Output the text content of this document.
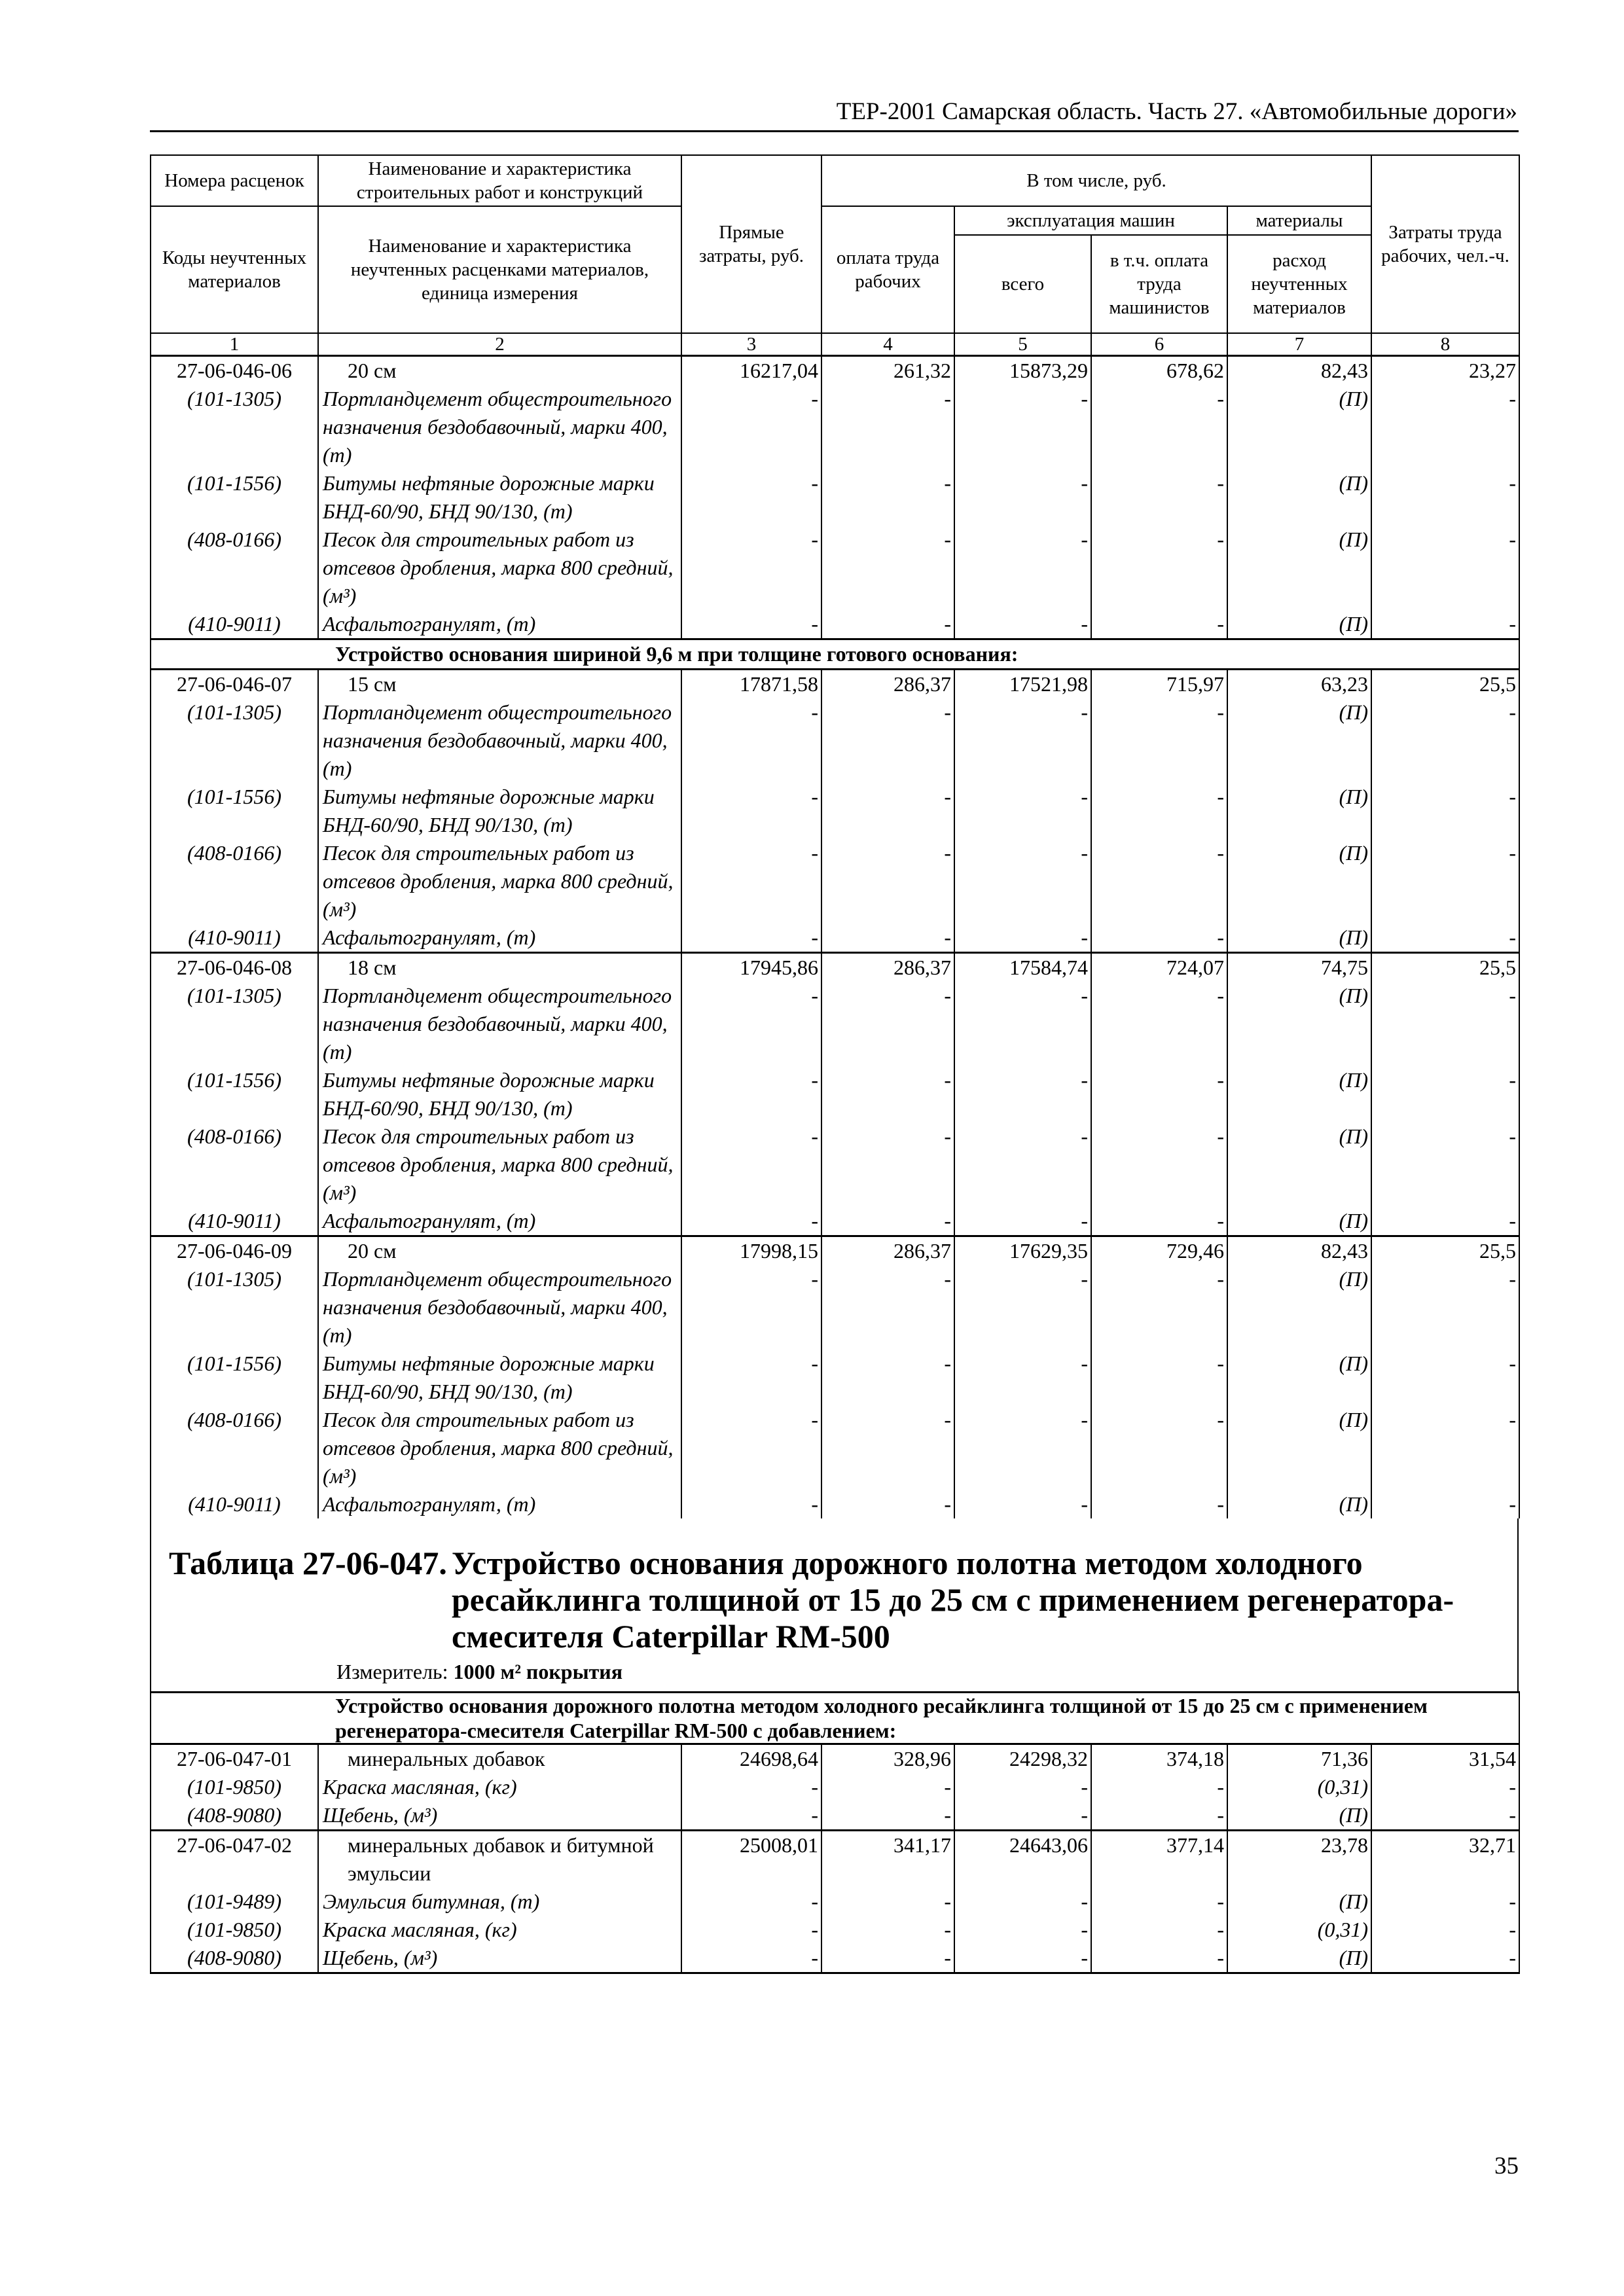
ТЕР-2001 Самарская область. Часть 27. «Автомобильные дороги»
Номера расценок	Наименование и характеристика строительных работ и конструкций	Прямые затраты, руб.	В том числе, руб.				Затраты труда рабочих, чел.-ч.
Коды неучтенных материалов	Наименование и характеристика неучтенных расценками материалов, единица измерения		оплата труда рабочих	эксплуатация машин		материалы	
				всего	в т.ч. оплата труда машинистов	расход неучтенных материалов	
1	2	3	4	5	6	7	8
27-06-046-06	20 см	16217,04	261,32	15873,29	678,62	82,43	23,27
(101-1305)	Портландцемент общестроительного назначения бездобавочный, марки 400, (т)	-	-	-	-	(П)	-
(101-1556)	Битумы нефтяные дорожные марки БНД-60/90, БНД 90/130, (т)	-	-	-	-	(П)	-
(408-0166)	Песок для строительных работ из отсевов дробления, марка 800 средний, (м³)	-	-	-	-	(П)	-
(410-9011)	Асфальтогранулят, (т)	-	-	-	-	(П)	-
	Устройство основания шириной 9,6 м при толщине готового основания:						
27-06-046-07	15 см	17871,58	286,37	17521,98	715,97	63,23	25,5
(101-1305)	Портландцемент общестроительного назначения бездобавочный, марки 400, (т)	-	-	-	-	(П)	-
(101-1556)	Битумы нефтяные дорожные марки БНД-60/90, БНД 90/130, (т)	-	-	-	-	(П)	-
(408-0166)	Песок для строительных работ из отсевов дробления, марка 800 средний, (м³)	-	-	-	-	(П)	-
(410-9011)	Асфальтогранулят, (т)	-	-	-	-	(П)	-
27-06-046-08	18 см	17945,86	286,37	17584,74	724,07	74,75	25,5
(101-1305)	Портландцемент общестроительного назначения бездобавочный, марки 400, (т)	-	-	-	-	(П)	-
(101-1556)	Битумы нефтяные дорожные марки БНД-60/90, БНД 90/130, (т)	-	-	-	-	(П)	-
(408-0166)	Песок для строительных работ из отсевов дробления, марка 800 средний, (м³)	-	-	-	-	(П)	-
(410-9011)	Асфальтогранулят, (т)	-	-	-	-	(П)	-
27-06-046-09	20 см	17998,15	286,37	17629,35	729,46	82,43	25,5
(101-1305)	Портландцемент общестроительного назначения бездобавочный, марки 400, (т)	-	-	-	-	(П)	-
(101-1556)	Битумы нефтяные дорожные марки БНД-60/90, БНД 90/130, (т)	-	-	-	-	(П)	-
(408-0166)	Песок для строительных работ из отсевов дробления, марка 800 средний, (м³)	-	-	-	-	(П)	-
(410-9011)	Асфальтогранулят, (т)	-	-	-	-	(П)	-
Таблица 27-06-047. Устройство основания дорожного полотна методом холодного ресайклинга толщиной от 15 до 25 см с применением регенератора-смесителя Caterpillar RM-500
Измеритель: 1000 м² покрытия
	Устройство основания дорожного полотна методом холодного ресайклинга толщиной от 15 до 25 см с применением регенератора-смесителя Caterpillar RM-500 с добавлением:						
27-06-047-01	минеральных добавок	24698,64	328,96	24298,32	374,18	71,36	31,54
(101-9850)	Краска масляная, (кг)	-	-	-	-	(0,31)	-
(408-9080)	Щебень, (м³)	-	-	-	-	(П)	-
27-06-047-02	минеральных добавок и битумной эмульсии	25008,01	341,17	24643,06	377,14	23,78	32,71
(101-9489)	Эмульсия битумная, (т)	-	-	-	-	(П)	-
(101-9850)	Краска масляная, (кг)	-	-	-	-	(0,31)	-
(408-9080)	Щебень, (м³)	-	-	-	-	(П)	-
35
